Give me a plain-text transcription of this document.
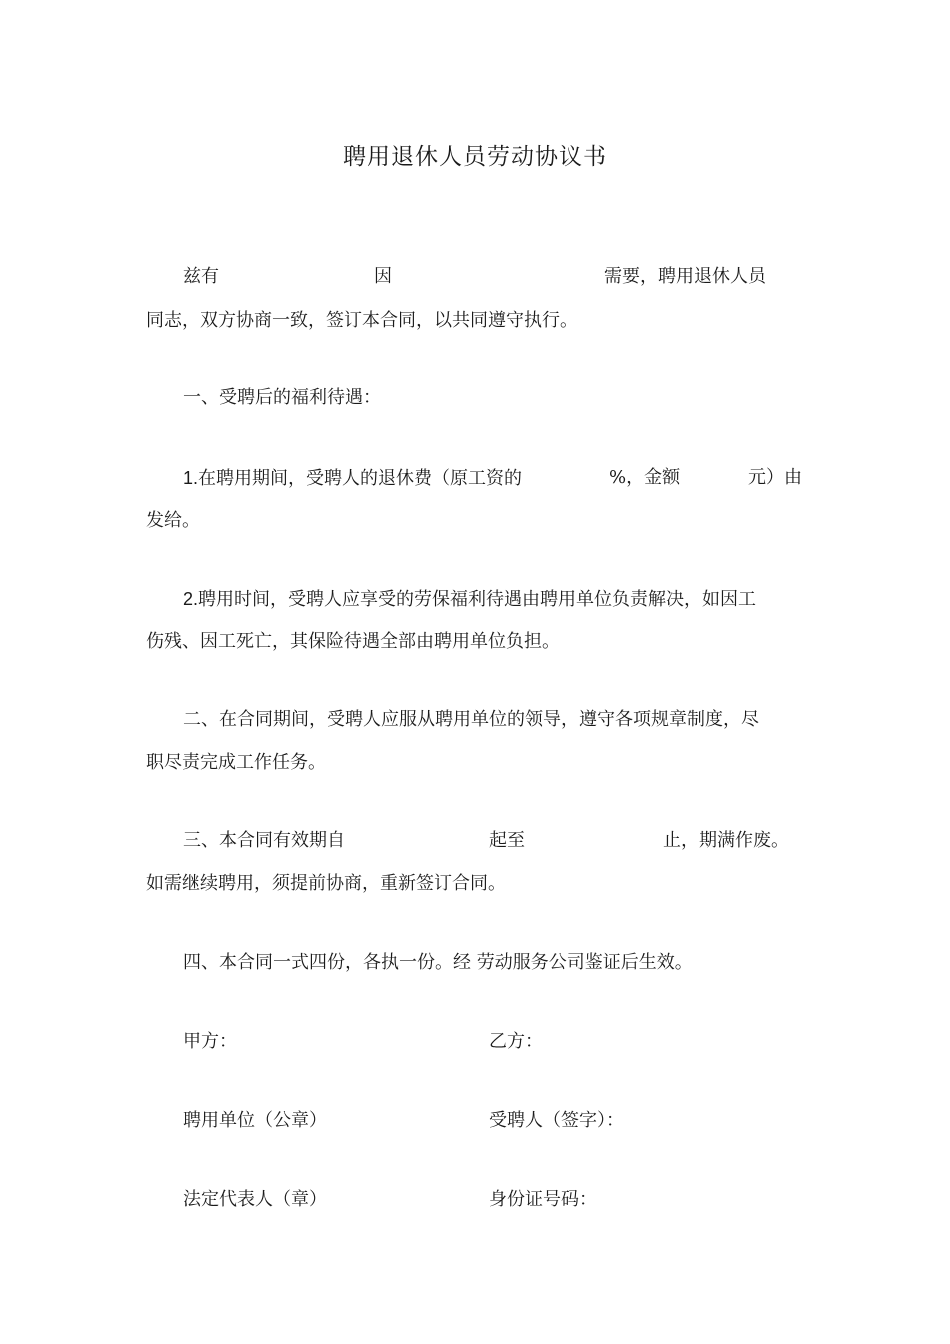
聘用退休人员劳动协议书
兹有	因	需要，聘用退休人员
同志，双方协商一致，签订本合同，以共同遵守执行。
一、受聘后的福利待遇：
1.在聘用期间，受聘人的退休费（原工资的	%，金额	元）由
发给。
2.聘用时间，受聘人应享受的劳保福利待遇由聘用单位负责解决，如因工
伤残、因工死亡，其保险待遇全部由聘用单位负担。
二、在合同期间，受聘人应服从聘用单位的领导，遵守各项规章制度，尽
职尽责完成工作任务。
三、本合同有效期自	起至	止，期满作废。
如需继续聘用，须提前协商，重新签订合同。
四、本合同一式四份，各执一份。经 劳动服务公司鉴证后生效。
甲方：	乙方：
聘用单位（公章）	受聘人（签字）：
法定代表人（章）	身份证号码：
